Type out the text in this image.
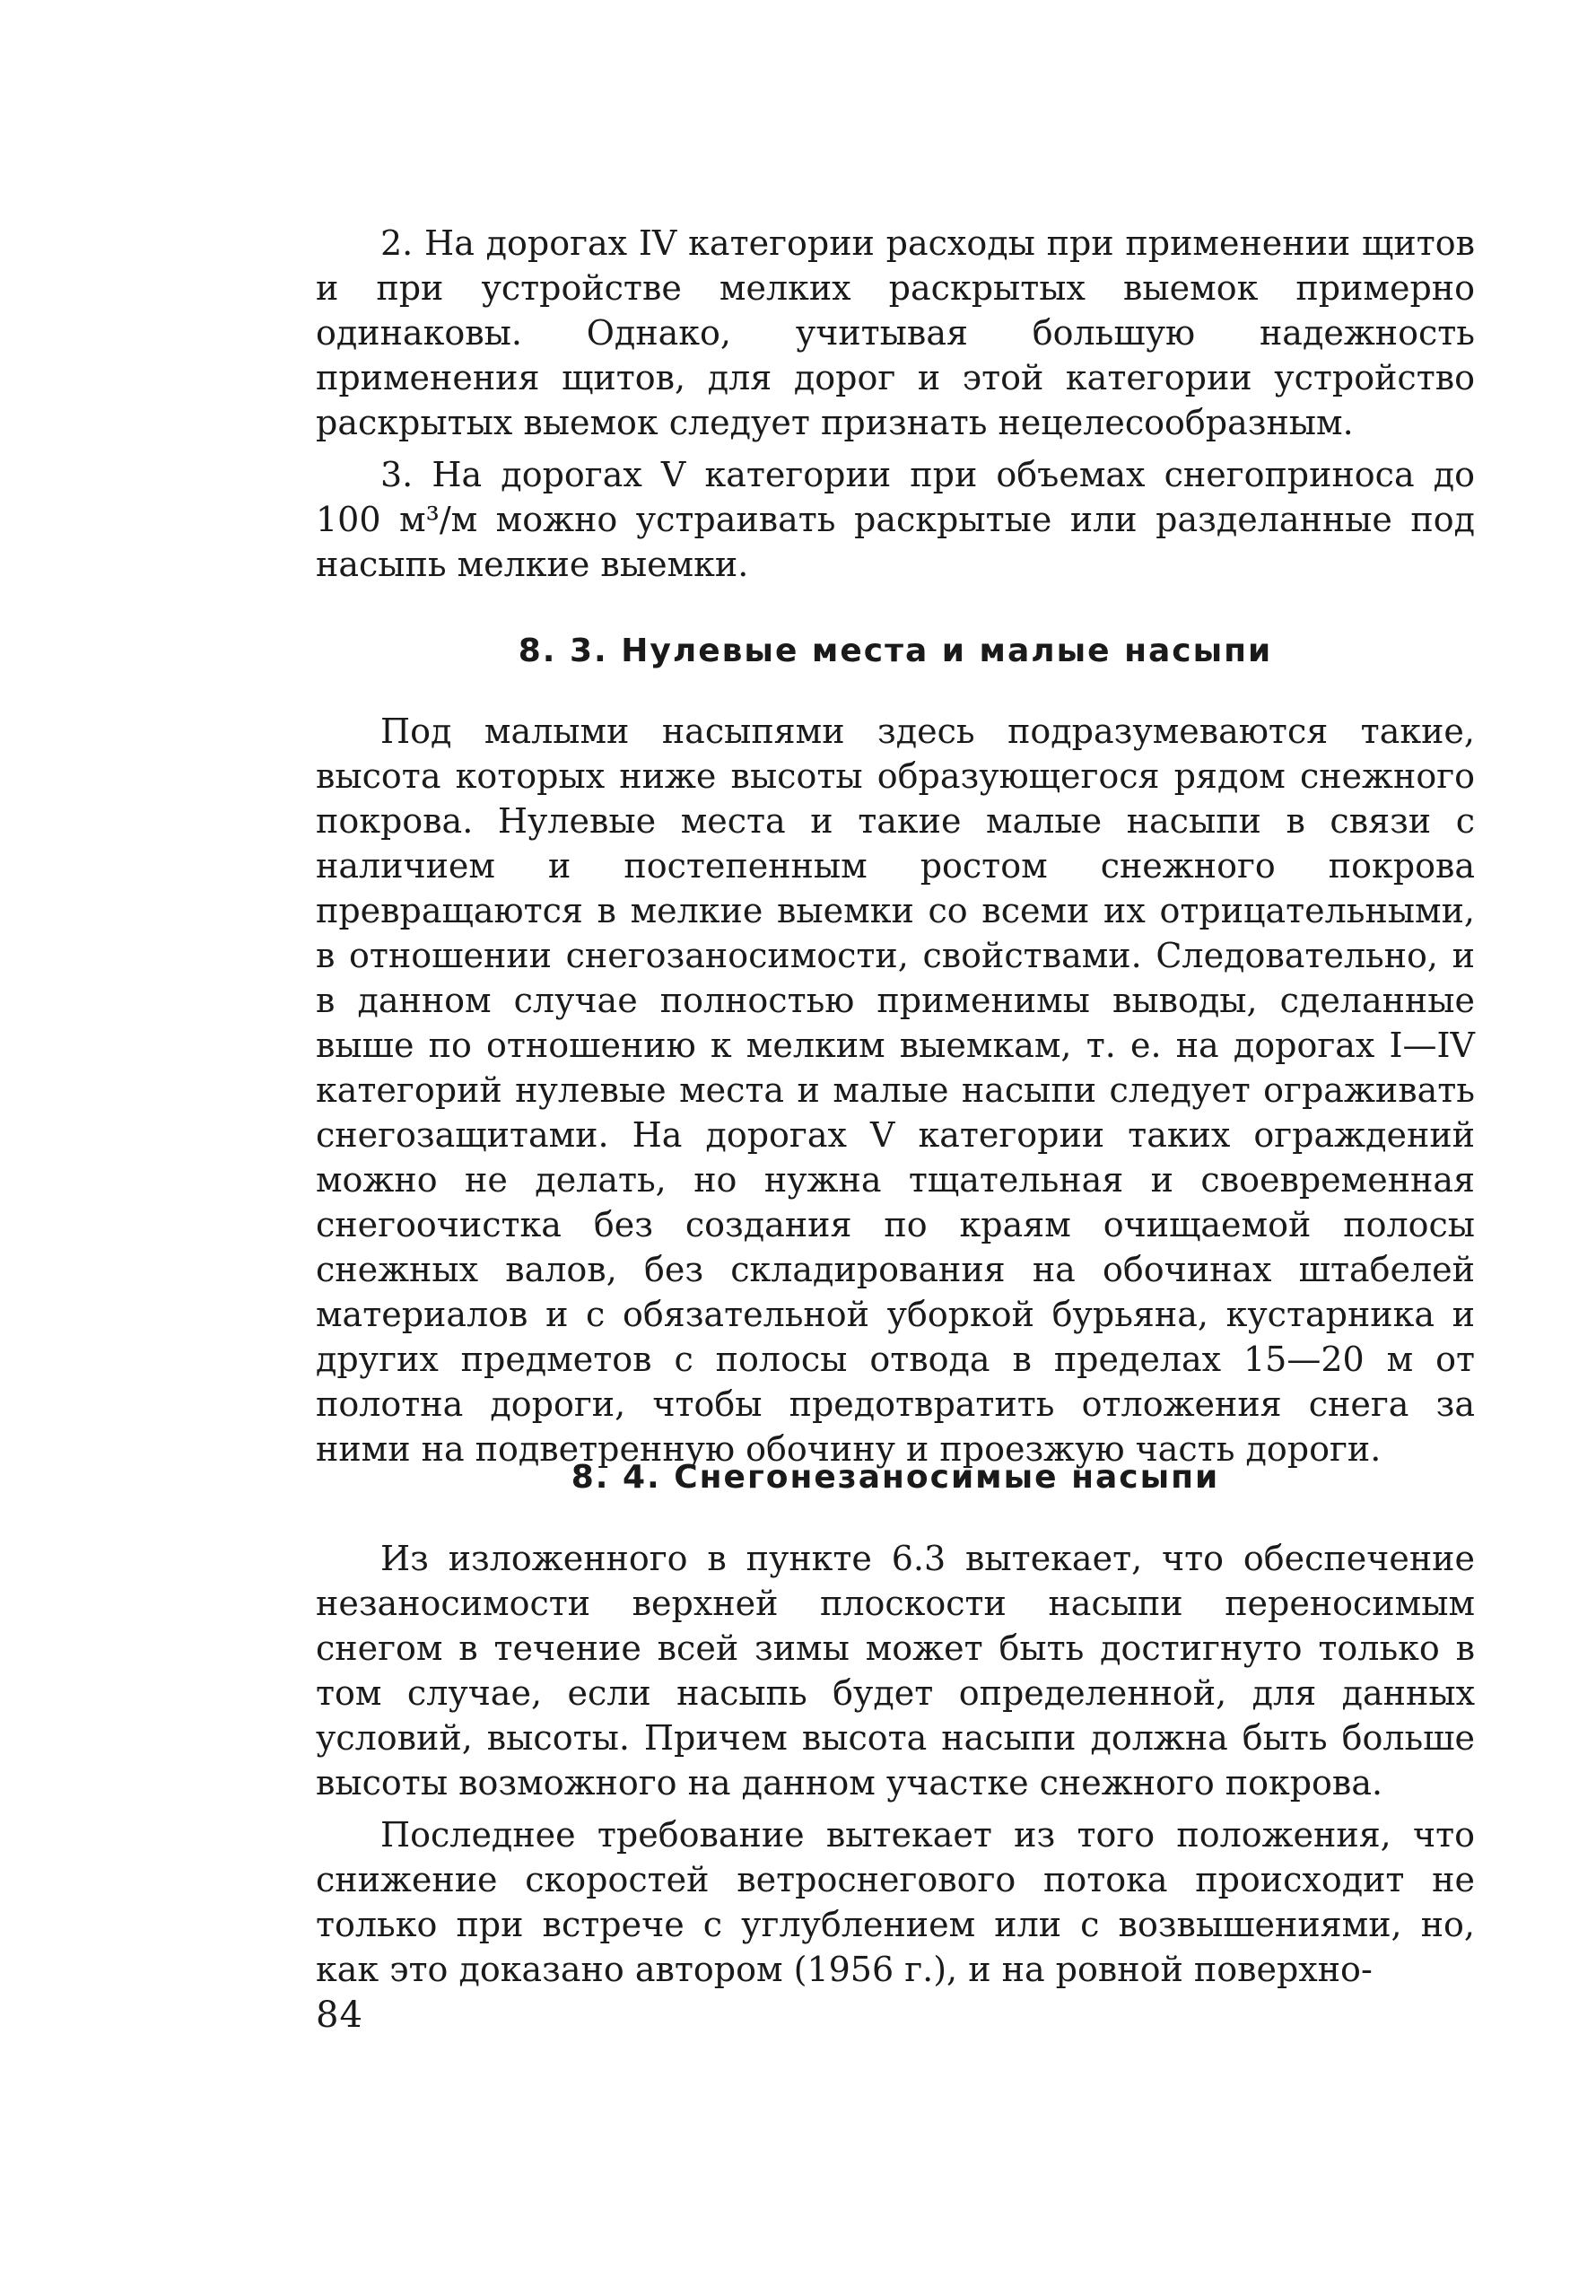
2. На дорогах IV категории расходы при применении щитов и при устройстве мелких раскрытых выемок примерно одинаковы. Однако, учитывая большую надежность применения щитов, для дорог и этой категории устройство раскрытых выемок следует признать нецелесообразным.

3. На дорогах V категории при объемах снегоприноса до 100 м³/м можно устраивать раскрытые или разделанные под насыпь мелкие выемки.

8. 3. Нулевые места и малые насыпи

Под малыми насыпями здесь подразумеваются такие, высота которых ниже высоты образующегося рядом снежного покрова. Нулевые места и такие малые насыпи в связи с наличием и постепенным ростом снежного покрова превращаются в мелкие выемки со всеми их отрицательными, в отношении снегозаносимости, свойствами. Следовательно, и в данном случае полностью применимы выводы, сделанные выше по отношению к мелким выемкам, т. е. на дорогах I—IV категорий нулевые места и малые насыпи следует ограживать снегозащитами. На дорогах V категории таких ограждений можно не делать, но нужна тщательная и своевременная снегоочистка без создания по краям очищаемой полосы снежных валов, без складирования на обочинах штабелей материалов и с обязательной уборкой бурьяна, кустарника и других предметов с полосы отвода в пределах 15—20 м от полотна дороги, чтобы предотвратить отложения снега за ними на подветренную обочину и проезжую часть дороги.

8. 4. Снегонезаносимые насыпи

Из изложенного в пункте 6.3 вытекает, что обеспечение незаносимости верхней плоскости насыпи переносимым снегом в течение всей зимы может быть достигнуто только в том случае, если насыпь будет определенной, для данных условий, высоты. Причем высота насыпи должна быть больше высоты возможного на данном участке снежного покрова.

Последнее требование вытекает из того положения, что снижение скоростей ветроснегового потока происходит не только при встрече с углублением или с возвышениями, но, как это доказано автором (1956 г.), и на ровной поверхно-

84
